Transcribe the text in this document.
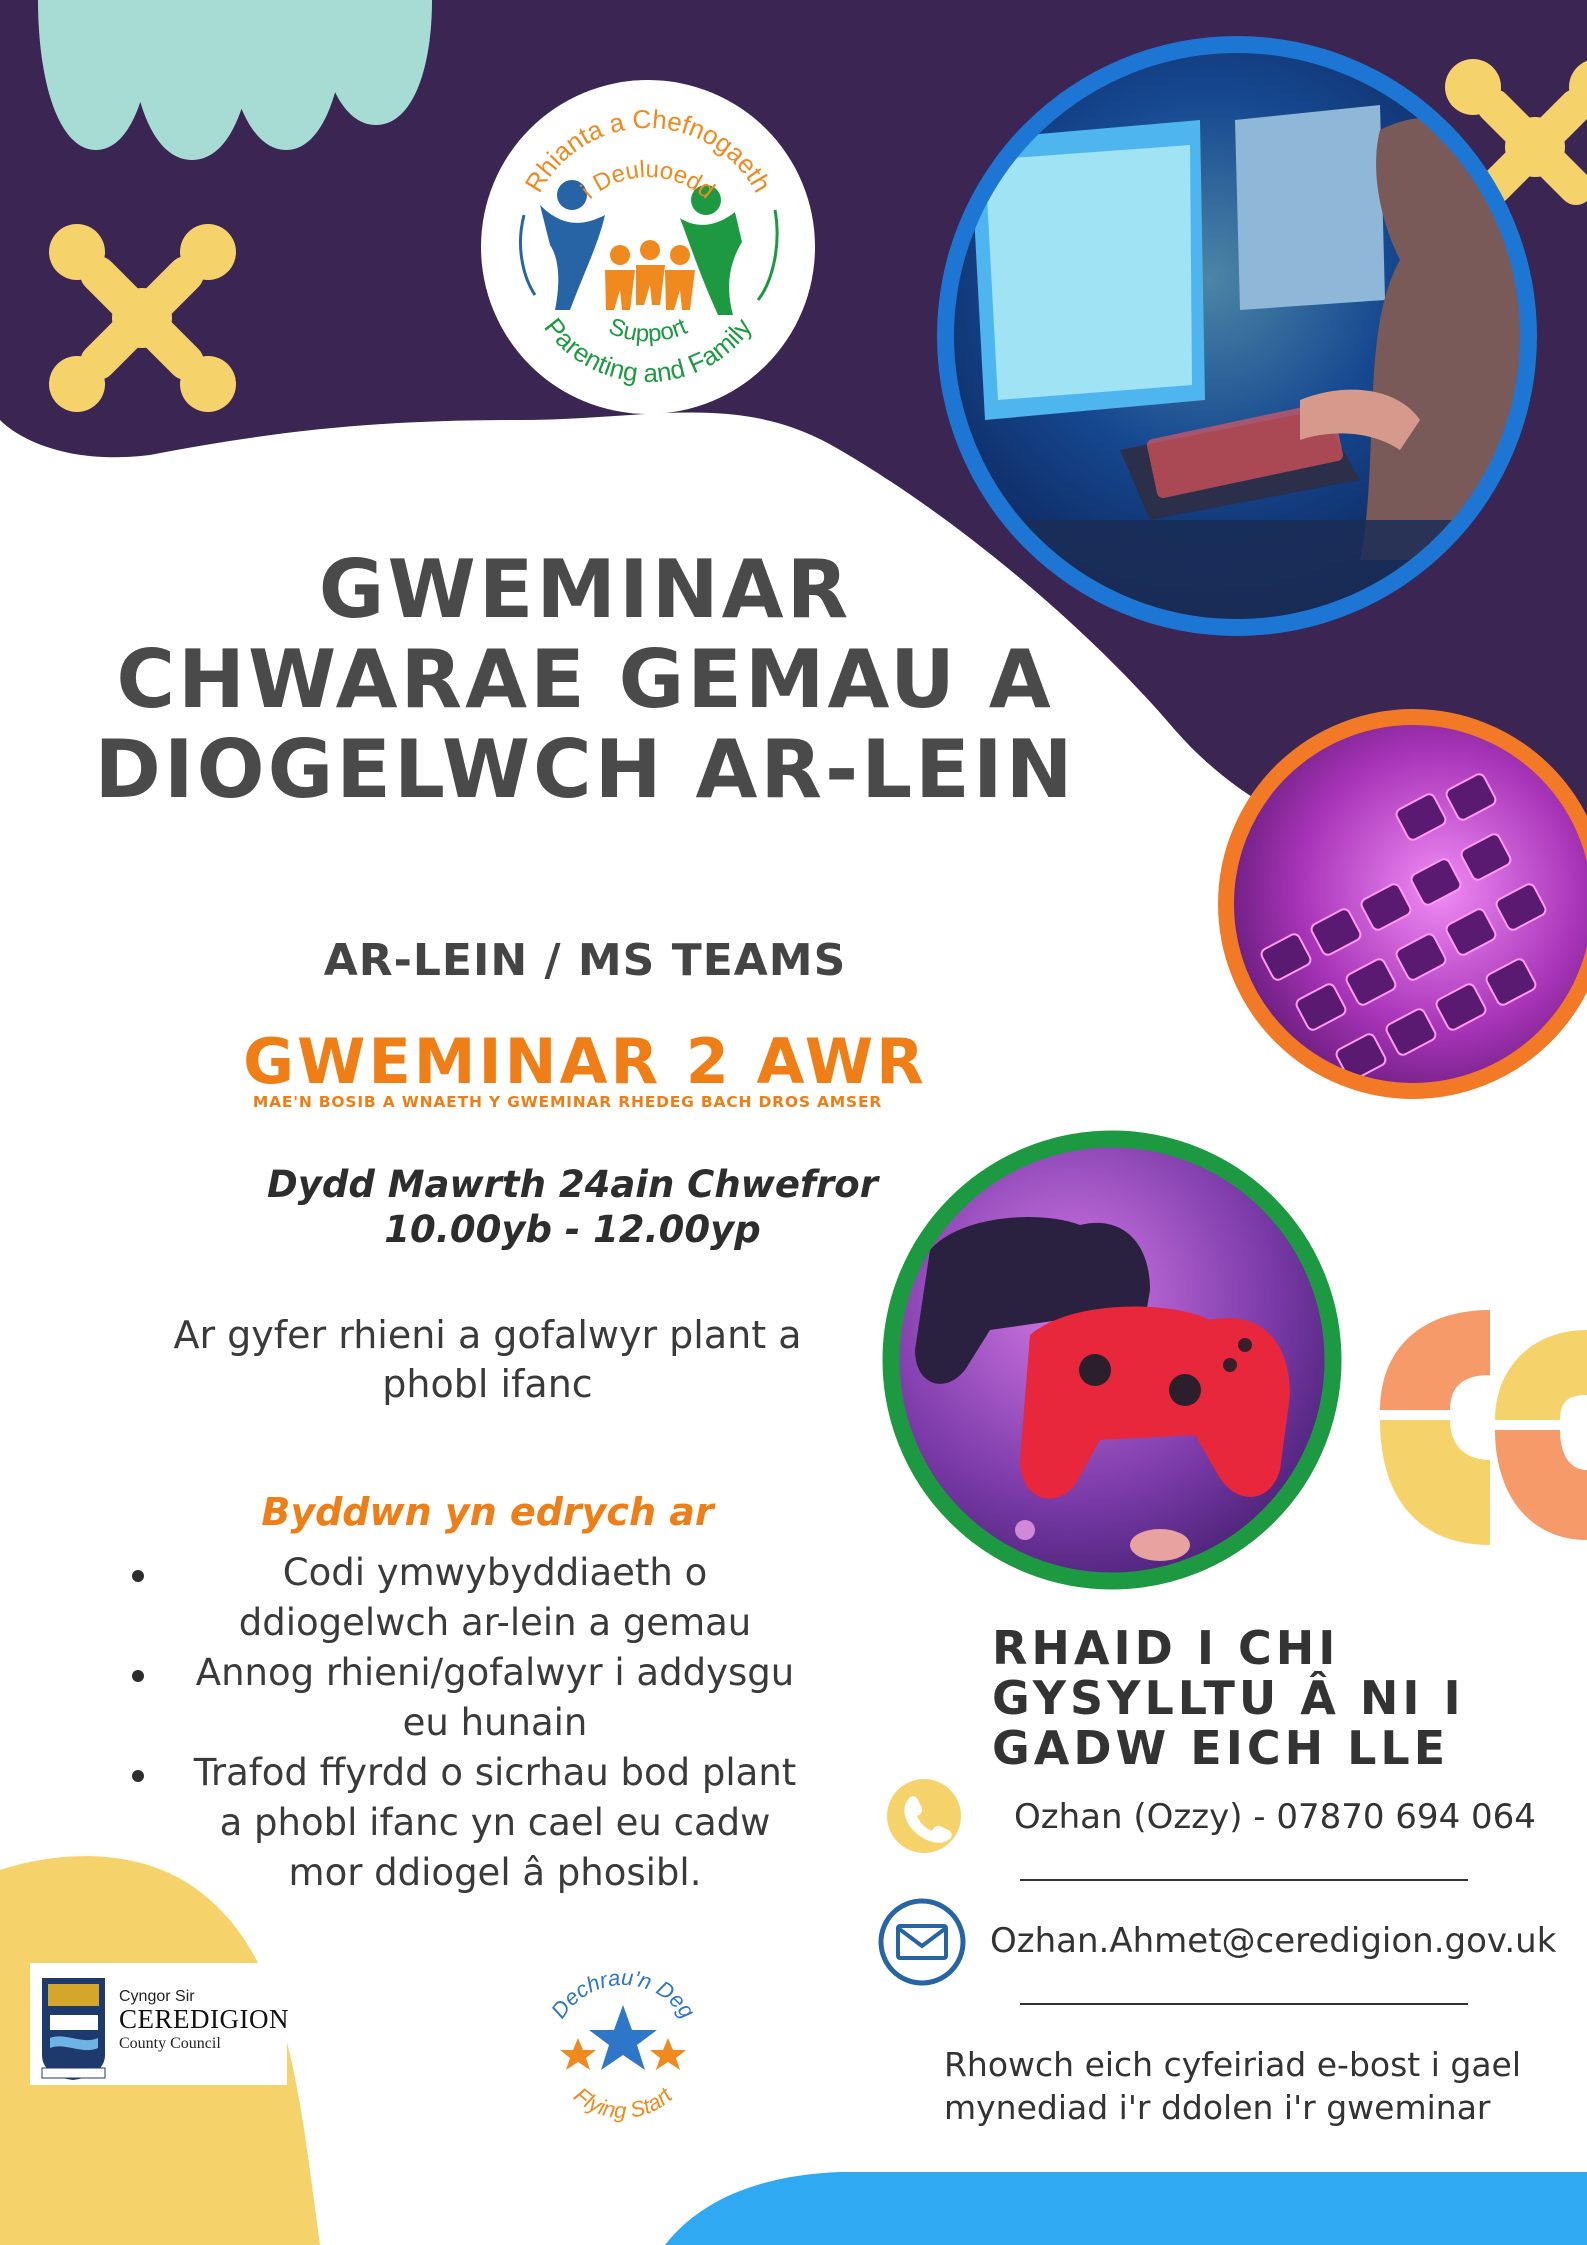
Rhianta a Chefnogaeth
i Deuluoedd
Parenting and Family
Support
GWEMINAR
CHWARAE GEMAU A
DIOGELWCH AR-LEIN
AR-LEIN / MS TEAMS
GWEMINAR 2 AWR
MAE'N BOSIB A WNAETH Y GWEMINAR RHEDEG BACH DROS AMSER
Dydd Mawrth 24ain Chwefror
10.00yb - 12.00yp
Ar gyfer rhieni a gofalwyr plant a
phobl ifanc
Byddwn yn edrych ar
Codi ymwybyddiaeth o
ddiogelwch ar-lein a gemau
Annog rhieni/gofalwyr i addysgu
eu hunain
Trafod ffyrdd o sicrhau bod plant
a phobl ifanc yn cael eu cadw
mor ddiogel â phosibl.
RHAID I CHI
GYSYLLTU Â NI I
GADW EICH LLE
Ozhan (Ozzy) - 07870 694 064
Ozhan.Ahmet@ceredigion.gov.uk
Rhowch eich cyfeiriad e-bost i gael
mynediad i'r ddolen i'r gweminar
Cyngor Sir
CEREDIGION
County Council
Dechrau'n Deg
Flying Start
